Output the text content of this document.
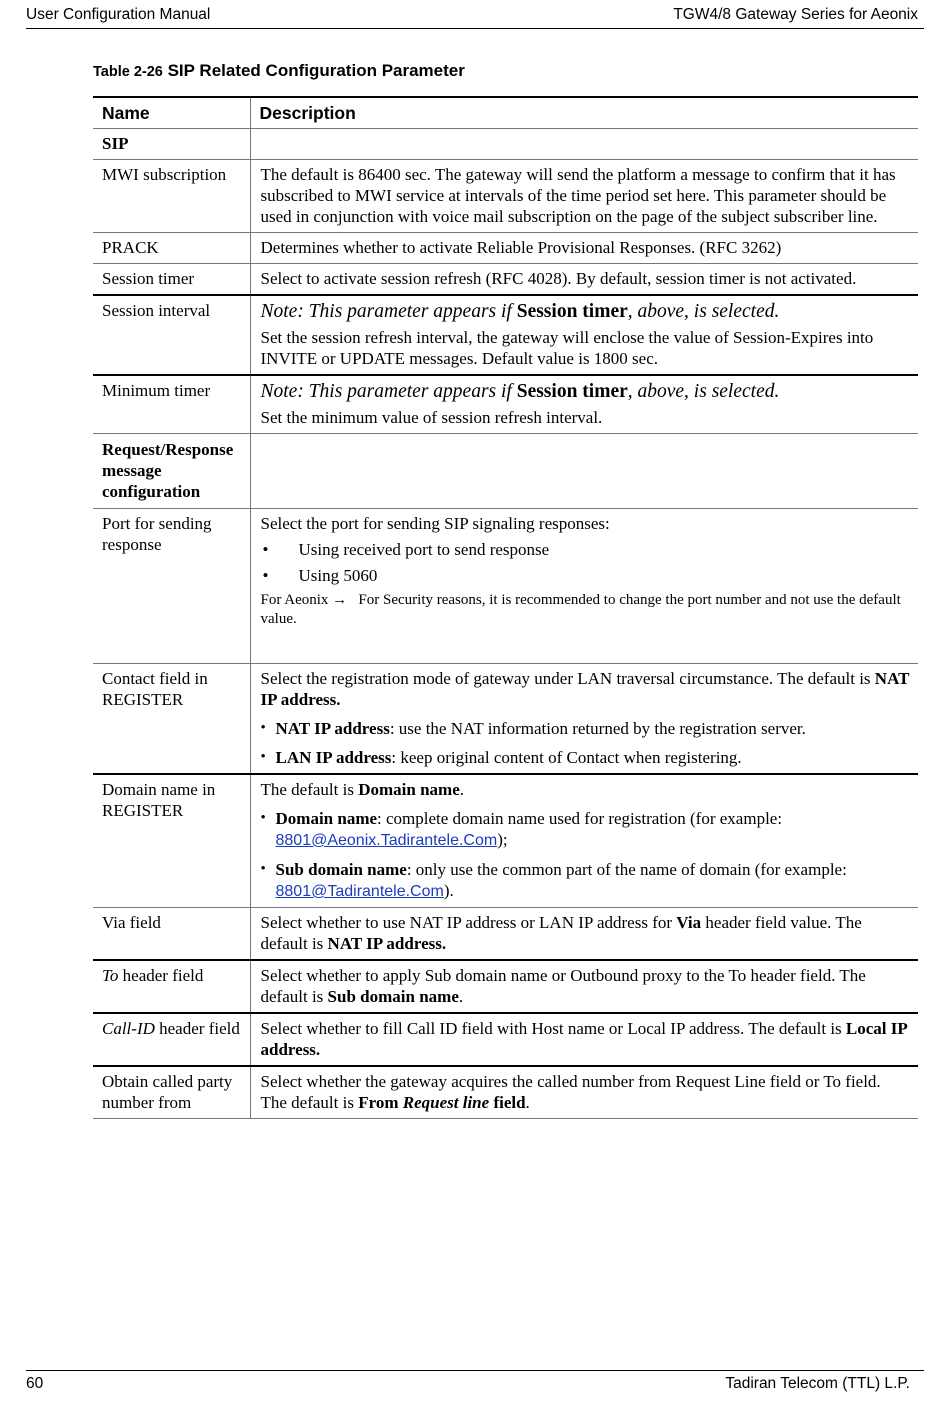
User Configuration Manual	TGW4/8 Gateway Series for Aeonix
Table 2-26 SIP Related Configuration Parameter
Name	Description
SIP	
MWI subscription	The default is 86400 sec. The gateway will send the platform a message to confirm that it has subscribed to MWI service at intervals of the time period set here. This parameter should be used in conjunction with voice mail subscription on the page of the subject subscriber line.
PRACK	Determines whether to activate Reliable Provisional Responses. (RFC 3262)
Session timer	Select to activate session refresh (RFC 4028). By default, session timer is not activated.
Session interval	Note: This parameter appears if Session timer, above, is selected.

Set the session refresh interval, the gateway will enclose the value of Session-Expires into INVITE or UPDATE messages. Default value is 1800 sec.

Minimum timer	Note: This parameter appears if Session timer, above, is selected.

Set the minimum value of session refresh interval.

Request/Response message configuration	
Port for sending response	Select the port for sending SIP signaling responses:

• Using received port to send response

• Using 5060

For Aeonix → For Security reasons, it is recommended to change the port number and not use the default value.

Contact field in REGISTER	Select the registration mode of gateway under LAN traversal circumstance. The default is NAT IP address.

• NAT IP address: use the NAT information returned by the registration server.

• LAN IP address: keep original content of Contact when registering.

Domain name in REGISTER	The default is Domain name.

• Domain name: complete domain name used for registration (for example: 8801@Aeonix.Tadirantele.Com);

• Sub domain name: only use the common part of the name of domain (for example: 8801@Tadirantele.Com).

Via field	Select whether to use NAT IP address or LAN IP address for Via header field value. The default is NAT IP address.
To header field	Select whether to apply Sub domain name or Outbound proxy to the To header field. The default is Sub domain name.
Call-ID header field	Select whether to fill Call ID field with Host name or Local IP address. The default is Local IP address.
Obtain called party number from	Select whether the gateway acquires the called number from Request Line field or To field. The default is From Request line field.
60	Tadiran Telecom (TTL) L.P.
